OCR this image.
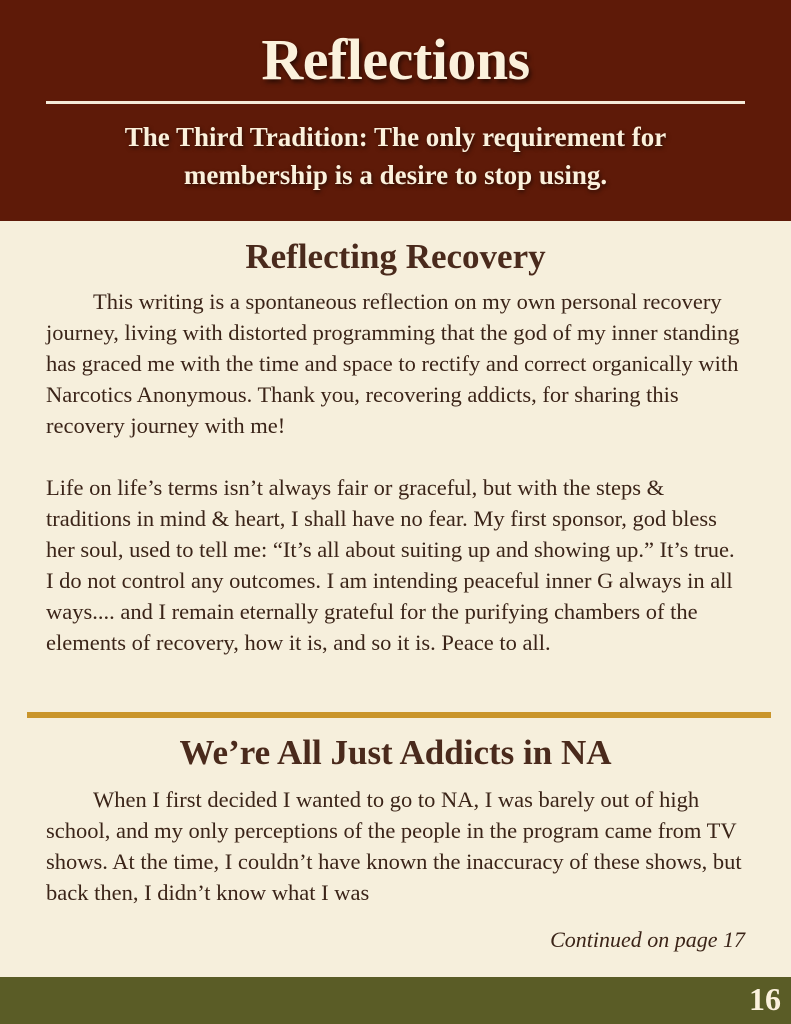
Reflections
The Third Tradition: The only requirement for membership is a desire to stop using.
Reflecting Recovery

This writing is a spontaneous reflection on my own personal recovery journey, living with distorted programming that the god of my inner standing has graced me with the time and space to rectify and correct organically with Narcotics Anonymous. Thank you, recovering addicts, for sharing this recovery journey with me!

Life on life’s terms isn’t always fair or graceful, but with the steps & traditions in mind & heart, I shall have no fear. My first sponsor, god bless her soul, used to tell me: “It’s all about suiting up and showing up.” It’s true. I do not control any outcomes. I am intending peaceful inner G always in all ways.... and I remain eternally grateful for the purifying chambers of the elements of recovery, how it is, and so it is. Peace to all.

We’re All Just Addicts in NA

When I first decided I wanted to go to NA, I was barely out of high school, and my only perceptions of the people in the program came from TV shows. At the time, I couldn’t have known the inaccuracy of these shows, but back then, I didn’t know what I was

Continued on page 17
16
